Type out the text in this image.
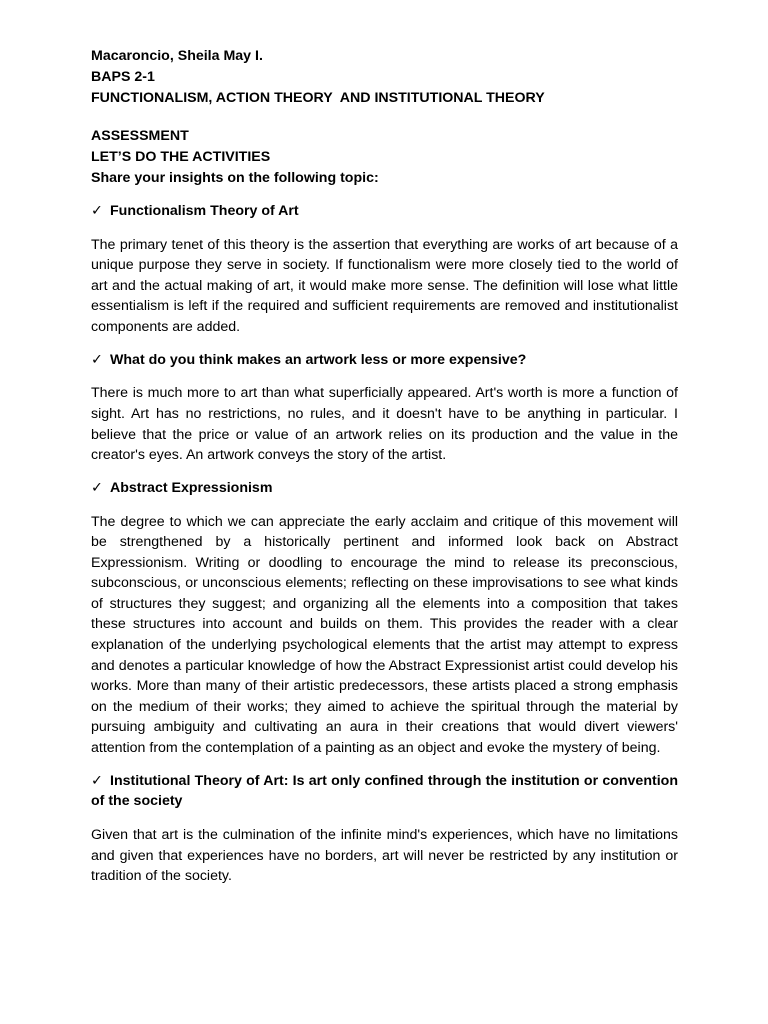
Macaroncio, Sheila May I.
BAPS 2-1
FUNCTIONALISM, ACTION THEORY  AND INSTITUTIONAL THEORY
ASSESSMENT
LET’S DO THE ACTIVITIES
Share your insights on the following topic:
✓ Functionalism Theory of Art

The primary tenet of this theory is the assertion that everything are works of art because of a unique purpose they serve in society. If functionalism were more closely tied to the world of art and the actual making of art, it would make more sense. The definition will lose what little essentialism is left if the required and sufficient requirements are removed and institutionalist components are added.

✓ What do you think makes an artwork less or more expensive?

There is much more to art than what superficially appeared. Art's worth is more a function of sight. Art has no restrictions, no rules, and it doesn't have to be anything in particular. I believe that the price or value of an artwork relies on its production and the value in the creator's eyes. An artwork conveys the story of the artist.

✓ Abstract Expressionism

The degree to which we can appreciate the early acclaim and critique of this movement will be strengthened by a historically pertinent and informed look back on Abstract Expressionism. Writing or doodling to encourage the mind to release its preconscious, subconscious, or unconscious elements; reflecting on these improvisations to see what kinds of structures they suggest; and organizing all the elements into a composition that takes these structures into account and builds on them. This provides the reader with a clear explanation of the underlying psychological elements that the artist may attempt to express and denotes a particular knowledge of how the Abstract Expressionist artist could develop his works. More than many of their artistic predecessors, these artists placed a strong emphasis on the medium of their works; they aimed to achieve the spiritual through the material by pursuing ambiguity and cultivating an aura in their creations that would divert viewers' attention from the contemplation of a painting as an object and evoke the mystery of being.

✓ Institutional Theory of Art: Is art only confined through the institution or convention of the society

Given that art is the culmination of the infinite mind's experiences, which have no limitations and given that experiences have no borders, art will never be restricted by any institution or tradition of the society.
